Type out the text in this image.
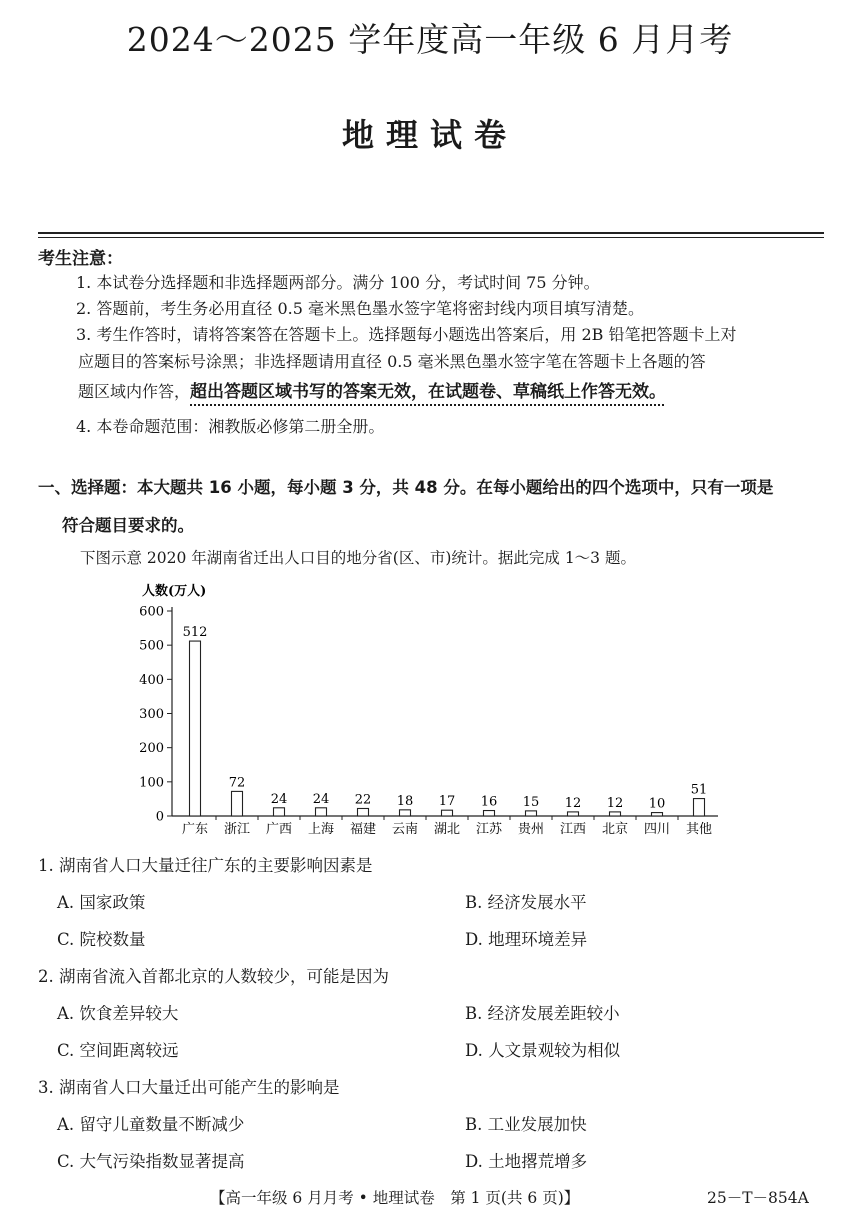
2024～2025 学年度高一年级 6 月月考
地理试卷
考生注意：
1. 本试卷分选择题和非选择题两部分。满分 100 分，考试时间 75 分钟。
2. 答题前，考生务必用直径 0.5 毫米黑色墨水签字笔将密封线内项目填写清楚。
3. 考生作答时，请将答案答在答题卡上。选择题每小题选出答案后，用 2B 铅笔把答题卡上对
应题目的答案标号涂黑；非选择题请用直径 0.5 毫米黑色墨水签字笔在答题卡上各题的答
题区域内作答，超出答题区域书写的答案无效，在试题卷、草稿纸上作答无效。
4. 本卷命题范围：湘教版必修第二册全册。
一、选择题：本大题共 16 小题，每小题 3 分，共 48 分。在每小题给出的四个选项中，只有一项是
符合题目要求的。
下图示意 2020 年湖南省迁出人口目的地分省(区、市)统计。据此完成 1～3 题。
人数(万人)
0
100
200
300
400
500
600
512
72
24 24 22 18 17 16 15 12 12 10
51
广东 浙江 广西 上海 福建 云南 湖北 江苏 贵州 江西 北京 四川 其他
1. 湖南省人口大量迁往广东的主要影响因素是
A. 国家政策	B. 经济发展水平
C. 院校数量	D. 地理环境差异
2. 湖南省流入首都北京的人数较少，可能是因为
A. 饮食差异较大	B. 经济发展差距较小
C. 空间距离较远	D. 人文景观较为相似
3. 湖南省人口大量迁出可能产生的影响是
A. 留守儿童数量不断减少	B. 工业发展加快
C. 大气污染指数显著提高	D. 土地撂荒增多
【高一年级 6 月月考 • 地理试卷　第 1 页(共 6 页)】	25－T－854A
